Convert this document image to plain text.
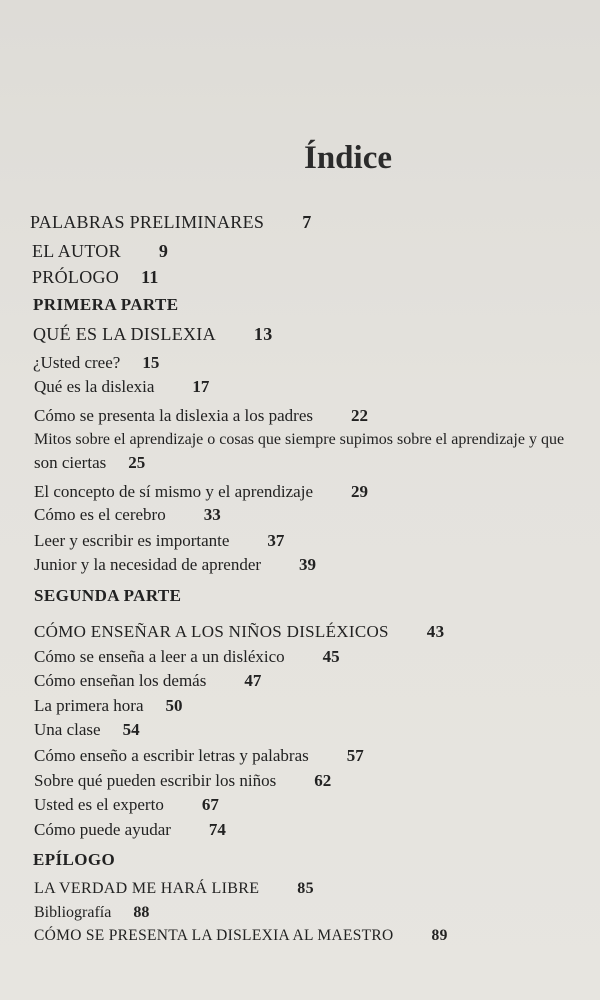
Índice
PALABRAS PRELIMINARES 7
EL AUTOR 9
PRÓLOGO 11
PRIMERA PARTE
QUÉ ES LA DISLEXIA 13
¿Usted cree? 15
Qué es la dislexia 17
Cómo se presenta la dislexia a los padres 22
Mitos sobre el aprendizaje o cosas que siempre supimos sobre el aprendizaje y que
son ciertas 25
El concepto de sí mismo y el aprendizaje 29
Cómo es el cerebro 33
Leer y escribir es importante 37
Junior y la necesidad de aprender 39
SEGUNDA PARTE
CÓMO ENSEÑAR A LOS NIÑOS DISLÉXICOS 43
Cómo se enseña a leer a un disléxico 45
Cómo enseñan los demás 47
La primera hora 50
Una clase 54
Cómo enseño a escribir letras y palabras 57
Sobre qué pueden escribir los niños 62
Usted es el experto 67
Cómo puede ayudar 74
EPÍLOGO
LA VERDAD ME HARÁ LIBRE 85
Bibliografía 88
CÓMO SE PRESENTA LA DISLEXIA AL MAESTRO 89
